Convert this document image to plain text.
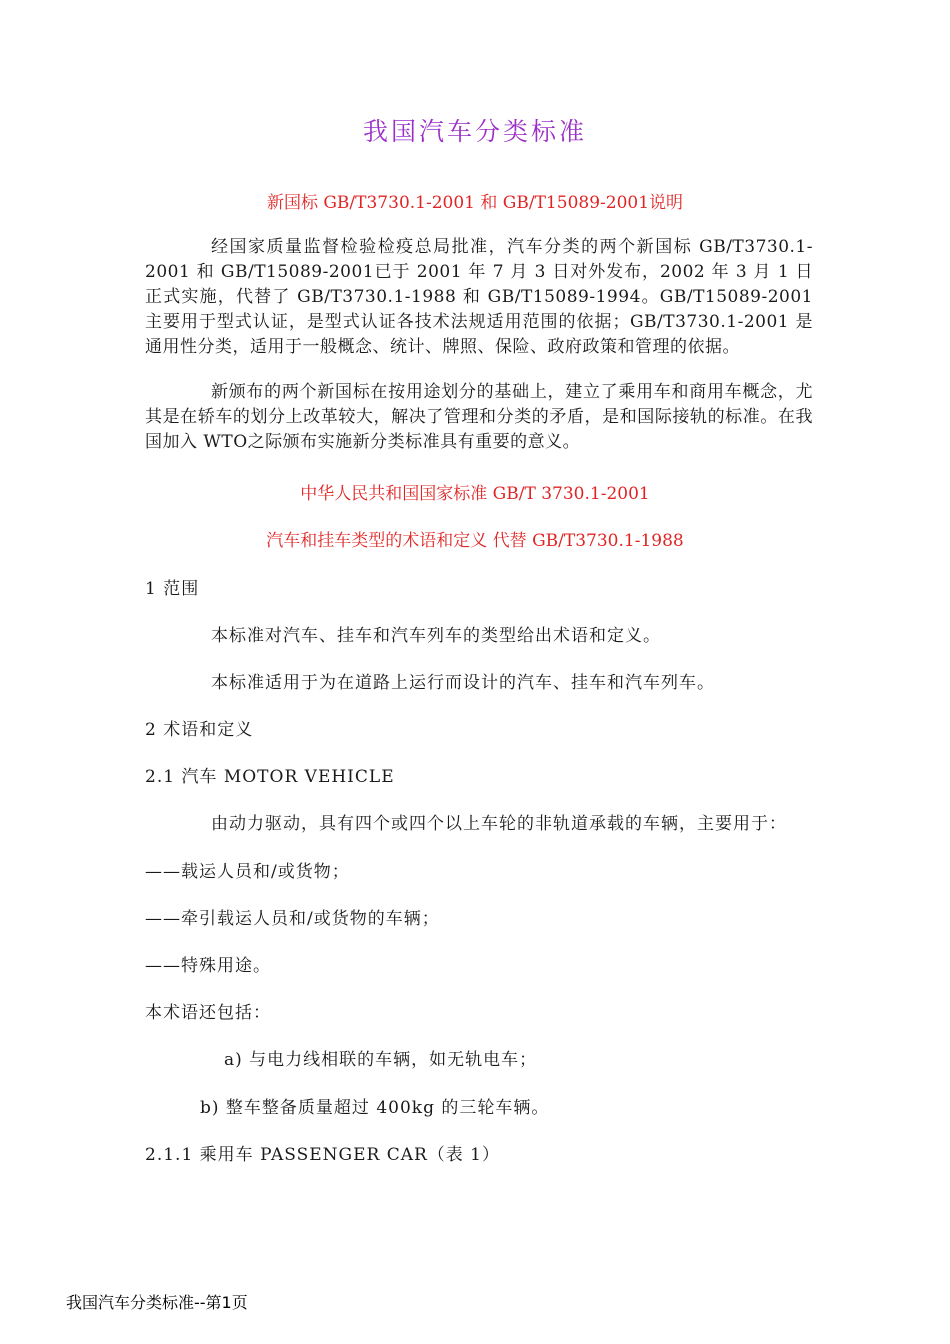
我国汽车分类标准

新国标 GB/T3730.1-2001 和 GB/T15089-2001说明

经国家质量监督检验检疫总局批准，汽车分类的两个新国标 GB/T3730.1-2001 和 GB/T15089-2001已于 2001 年 7 月 3 日对外发布，2002 年 3 月 1 日正式实施，代替了 GB/T3730.1-1988 和 GB/T15089-1994。GB/T15089-2001 主要用于型式认证，是型式认证各技术法规适用范围的依据；GB/T3730.1-2001 是通用性分类，适用于一般概念、统计、牌照、保险、政府政策和管理的依据。

新颁布的两个新国标在按用途划分的基础上，建立了乘用车和商用车概念，尤其是在轿车的划分上改革较大，解决了管理和分类的矛盾，是和国际接轨的标准。在我国加入 WTO之际颁布实施新分类标准具有重要的意义。

中华人民共和国国家标准 GB/T 3730.1-2001

汽车和挂车类型的术语和定义 代替 GB/T3730.1-1988

1 范围

本标准对汽车、挂车和汽车列车的类型给出术语和定义。

本标准适用于为在道路上运行而设计的汽车、挂车和汽车列车。

2 术语和定义

2.1 汽车 MOTOR VEHICLE

由动力驱动，具有四个或四个以上车轮的非轨道承载的车辆，主要用于：

——载运人员和/或货物；

——牵引载运人员和/或货物的车辆；

——特殊用途。

本术语还包括：

a) 与电力线相联的车辆，如无轨电车；

b) 整车整备质量超过 400kg 的三轮车辆。

2.1.1 乘用车 PASSENGER CAR（表 1）

我国汽车分类标准--第1页
